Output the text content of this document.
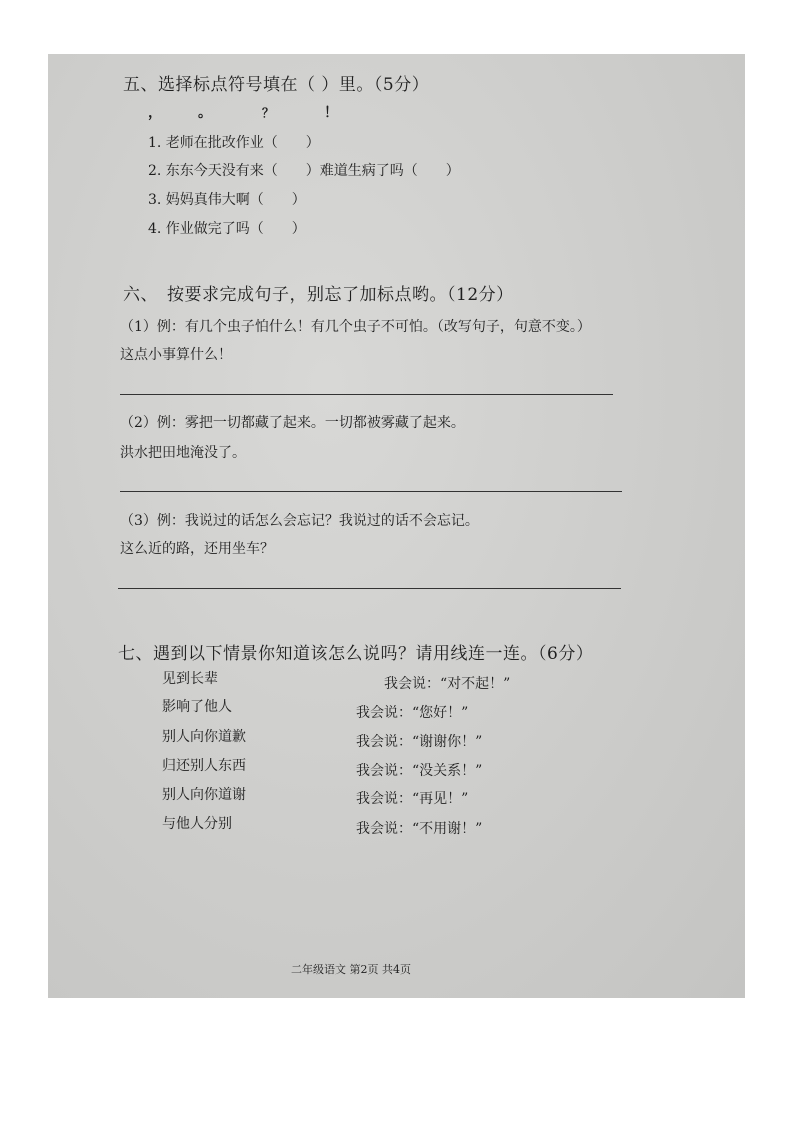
五、选择标点符号填在（ ）里。（5分）
，	。	？	！
1. 老师在批改作业（　　）
2. 东东今天没有来（　　）难道生病了吗（　　）
3. 妈妈真伟大啊（　　）
4. 作业做完了吗（　　）
六、　按要求完成句子，别忘了加标点哟。（12分）
（1）例：有几个虫子怕什么！有几个虫子不可怕。（改写句子，句意不变。）
这点小事算什么！
（2）例：雾把一切都藏了起来。一切都被雾藏了起来。
洪水把田地淹没了。
（3）例：我说过的话怎么会忘记？我说过的话不会忘记。
这么近的路，还用坐车？
七、遇到以下情景你知道该怎么说吗？请用线连一连。（6分）
见到长辈
影响了他人
别人向你道歉
归还别人东西
别人向你道谢
与他人分别
我会说：“对不起！”
我会说：“您好！”
我会说：“谢谢你！”
我会说：“没关系！”
我会说：“再见！”
我会说：“不用谢！”
二年级语文 第2页 共4页
